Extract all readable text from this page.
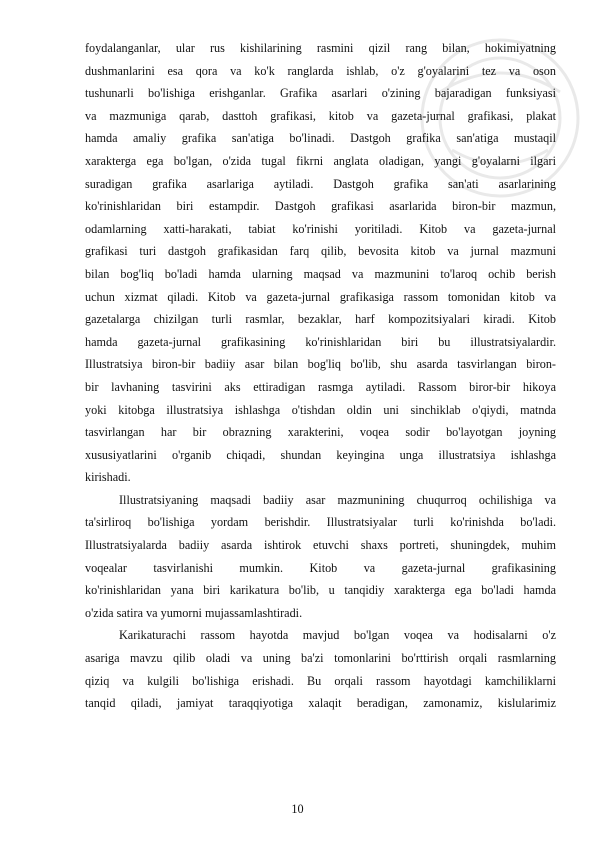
foydalanganlar, ular rus kishilarining rasmini qizil rang bilan, hokimiyatning
dushmanlarini esa qora va ko'k ranglarda ishlab, o'z g'oyalarini tez va oson
tushunarli bo'lishiga erishganlar. Grafika asarlari o'zining bajaradigan funksiyasi
va mazmuniga qarab, dasttoh grafikasi, kitob va gazeta-jurnal grafikasi, plakat
hamda amaliy grafika san'atiga bo'linadi. Dastgoh grafika san'atiga mustaqil
xarakterga ega bo'lgan, o'zida tugal fikrni anglata oladigan, yangi g'oyalarni ilgari
suradigan grafika asarlariga aytiladi. Dastgoh grafika san'ati asarlarining
ko'rinishlaridan biri estampdir. Dastgoh grafikasi asarlarida biron-bir mazmun,
odamlarning xatti-harakati, tabiat ko'rinishi yoritiladi. Kitob va gazeta-jurnal
grafikasi turi dastgoh grafikasidan farq qilib, bevosita kitob va jurnal mazmuni
bilan bog'liq bo'ladi hamda ularning maqsad va mazmunini to'laroq ochib berish
uchun xizmat qiladi. Kitob va gazeta-jurnal grafikasiga rassom tomonidan kitob va
gazetalarga chizilgan turli rasmlar, bezaklar, harf kompozitsiyalari kiradi. Kitob
hamda gazeta-jurnal grafikasining ko'rinishlaridan biri bu illustratsiyalardir.
Illustratsiya biron-bir badiiy asar bilan bog'liq bo'lib, shu asarda tasvirlangan biron-
bir lavhaning tasvirini aks ettiradigan rasmga aytiladi. Rassom biror-bir hikoya
yoki kitobga illustratsiya ishlashga o'tishdan oldin uni sinchiklab o'qiydi, matnda
tasvirlangan har bir obrazning xarakterini, voqea sodir bo'layotgan joyning
xususiyatlarini o'rganib chiqadi, shundan keyingina unga illustratsiya ishlashga
kirishadi.
Illustratsiyaning maqsadi badiiy asar mazmunining chuqurroq ochilishiga va
ta'sirliroq bo'lishiga yordam berishdir. Illustratsiyalar turli ko'rinishda bo'ladi.
Illustratsiyalarda badiiy asarda ishtirok etuvchi shaxs portreti, shuningdek, muhim
voqealar tasvirlanishi mumkin. Kitob va gazeta-jurnal grafikasining
ko'rinishlaridan yana biri karikatura bo'lib, u tanqidiy xarakterga ega bo'ladi hamda
o'zida satira va yumorni mujassamlashtiradi.
Karikaturachi rassom hayotda mavjud bo'lgan voqea va hodisalarni o'z
asariga mavzu qilib oladi va uning ba'zi tomonlarini bo'rttirish orqali rasmlarning
qiziq va kulgili bo'lishiga erishadi. Bu orqali rassom hayotdagi kamchiliklarni
tanqid qiladi, jamiyat taraqqiyotiga xalaqit beradigan, zamonamiz, kislularimiz
10
